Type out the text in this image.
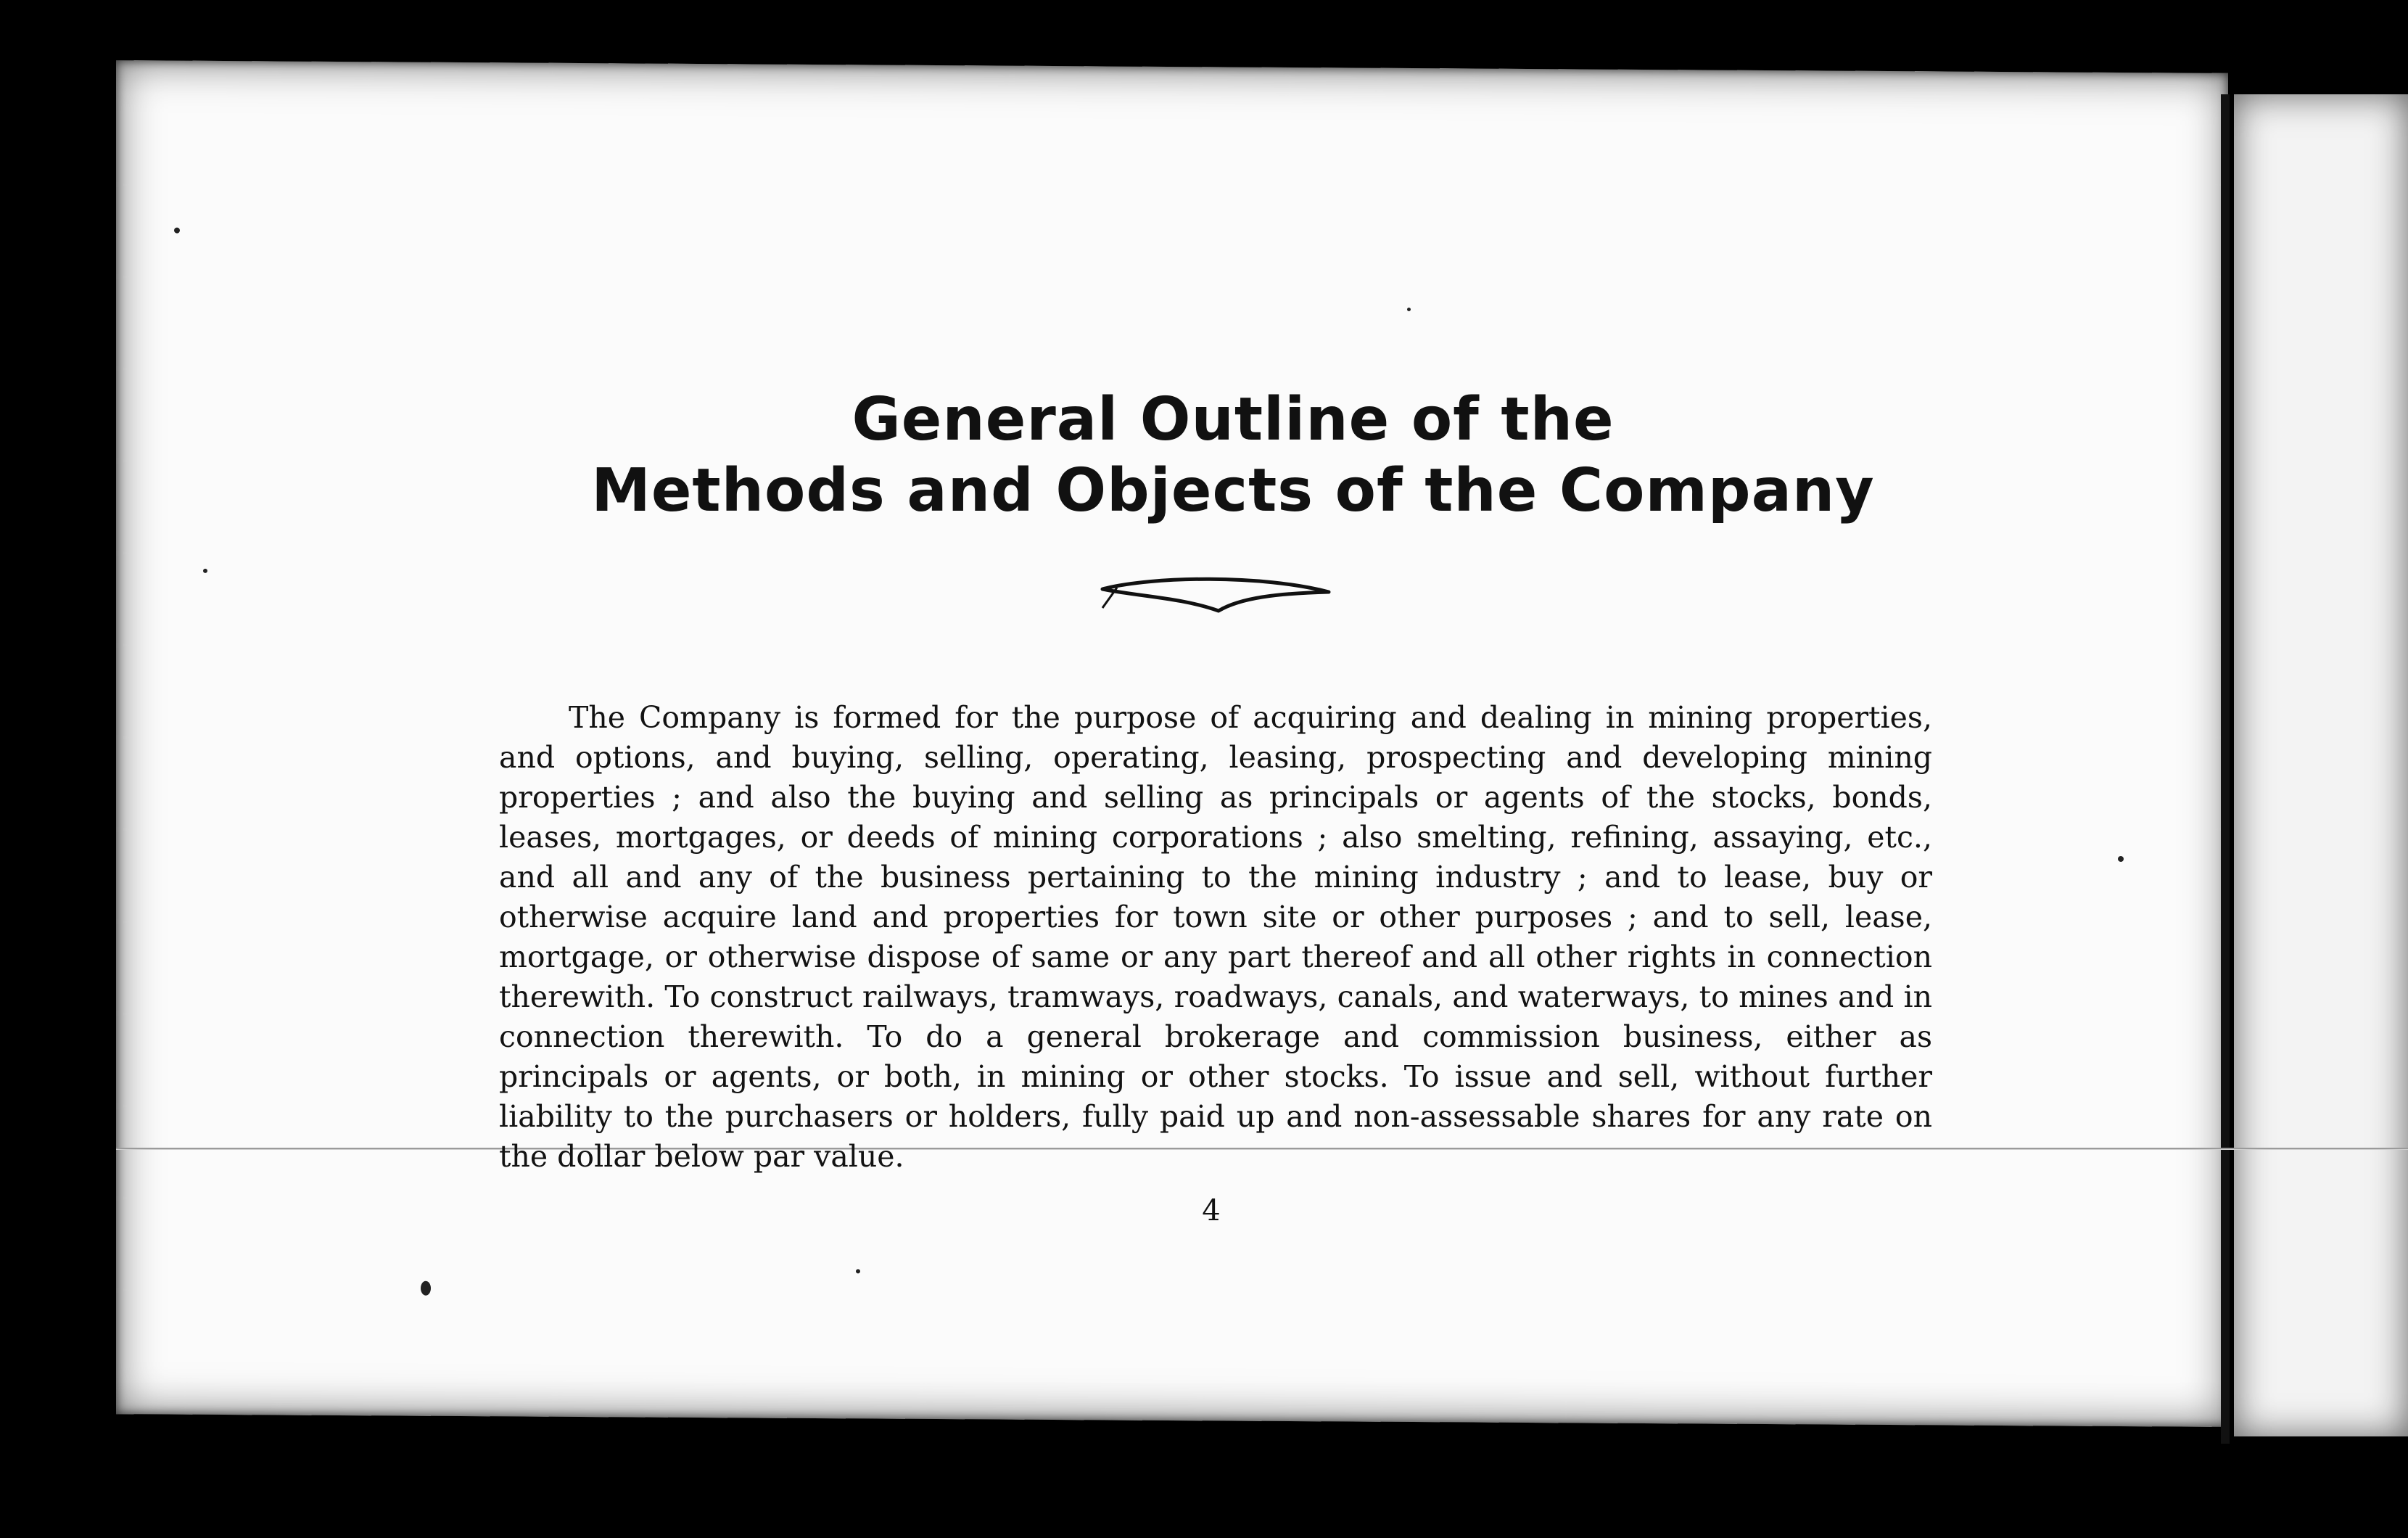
General Outline of the
Methods and Objects of the Company

The Company is formed for the purpose of acquiring and dealing in mining properties, and options, and buying, selling, operating, leasing, prospecting and developing mining properties ; and also the buying and selling as principals or agents of the stocks, bonds, leases, mortgages, or deeds of mining corporations ; also smelting, refining, assaying, etc., and all and any of the business pertaining to the mining industry ; and to lease, buy or otherwise acquire land and properties for town site or other purposes ; and to sell, lease, mortgage, or otherwise dispose of same or any part thereof and all other rights in connection therewith. To construct railways, tramways, roadways, canals, and waterways, to mines and in connection therewith. To do a general brokerage and commission business, either as principals or agents, or both, in mining or other stocks. To issue and sell, without further liability to the purchasers or holders, fully paid up and non-assessable shares for any rate on the dollar below par value.

4
